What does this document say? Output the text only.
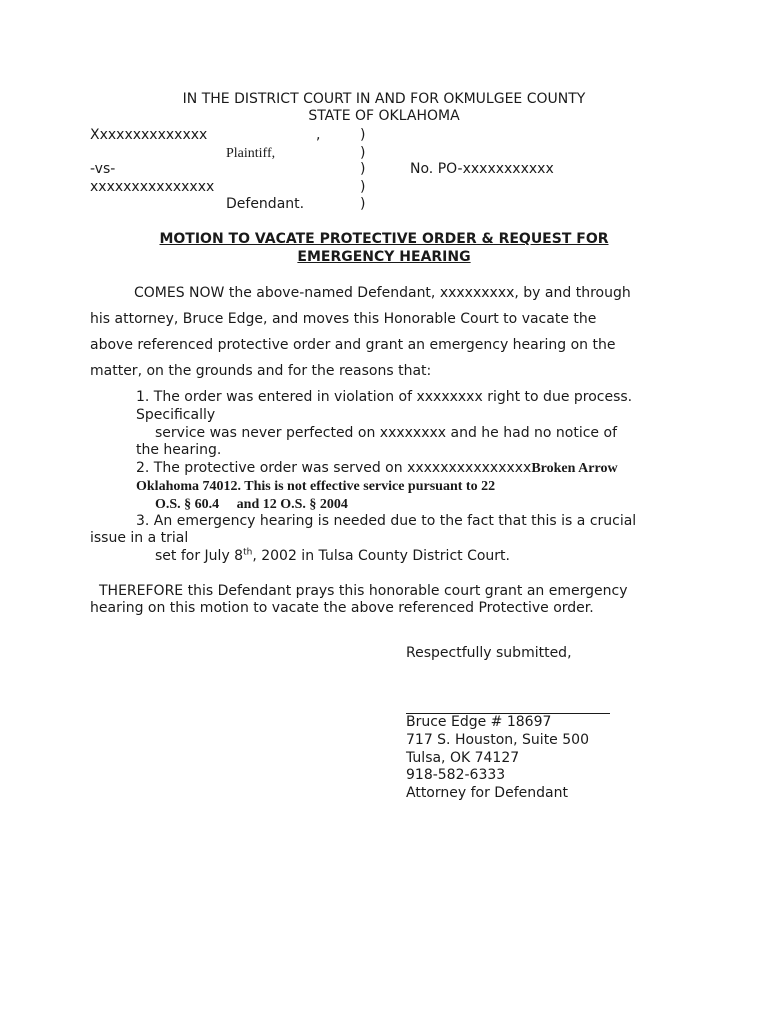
IN THE DISTRICT COURT IN AND FOR OKMULGEE COUNTY
STATE OF OKLAHOMA
Xxxxxxxxxxxxxx	,	)
Plaintiff,	)
-vs-	)	No. PO-xxxxxxxxxxx
xxxxxxxxxxxxxxx	)
Defendant.	)
MOTION TO VACATE PROTECTIVE ORDER & REQUEST FOR
EMERGENCY HEARING
COMES NOW the above-named Defendant, xxxxxxxxx, by and through
his attorney, Bruce Edge, and moves this Honorable Court to vacate the
above referenced protective order and grant an emergency hearing on the
matter, on the grounds and for the reasons that:
1. The order was entered in violation of xxxxxxxx right to due process.
Specifically
service was never perfected on xxxxxxxx and he had no notice of
the hearing.
2. The protective order was served on xxxxxxxxxxxxxxxBroken Arrow
Oklahoma 74012. This is not effective service pursuant to 22
O.S. § 60.4     and 12 O.S. § 2004
3. An emergency hearing is needed due to the fact that this is a crucial
issue in a trial
set for July 8th, 2002 in Tulsa County District Court.
THEREFORE this Defendant prays this honorable court grant an emergency
hearing on this motion to vacate the above referenced Protective order.
Respectfully submitted,
Bruce Edge # 18697
717 S. Houston, Suite 500
Tulsa, OK 74127
918-582-6333
Attorney for Defendant
